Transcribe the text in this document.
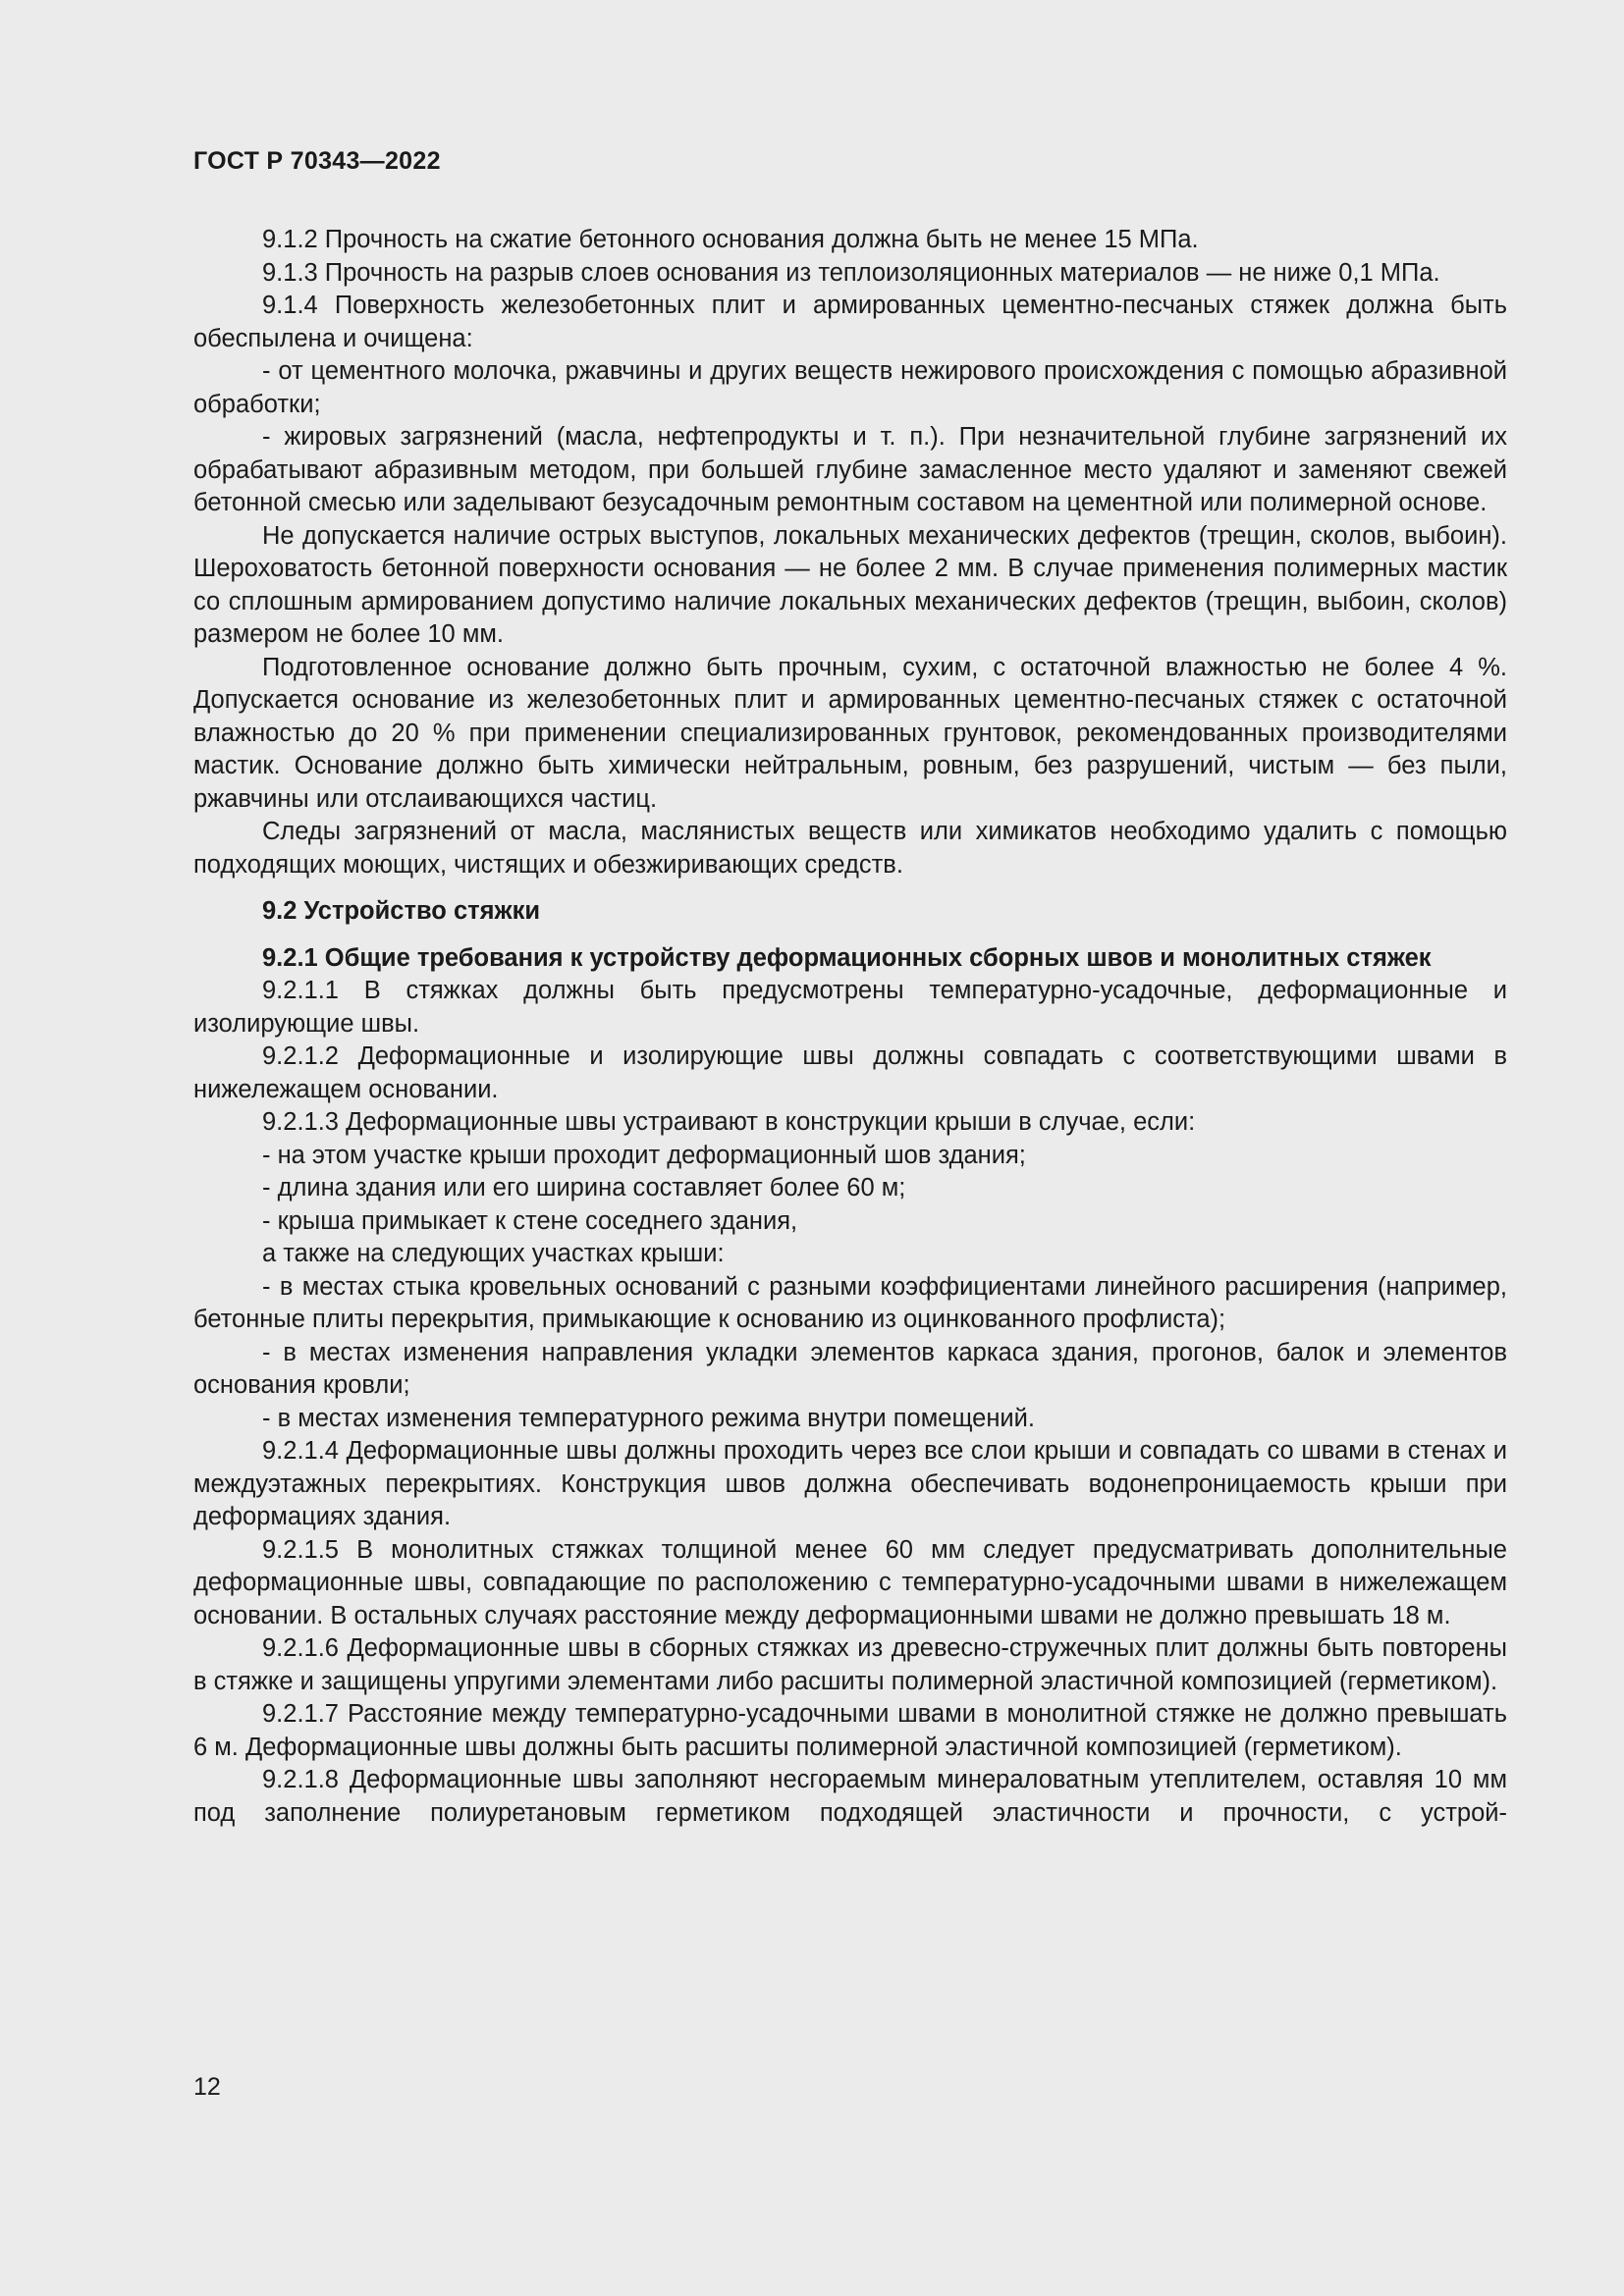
ГОСТ Р 70343—2022

9.1.2 Прочность на сжатие бетонного основания должна быть не менее 15 МПа.

9.1.3 Прочность на разрыв слоев основания из теплоизоляционных материалов — не ниже 0,1 МПа.

9.1.4 Поверхность железобетонных плит и армированных цементно-песчаных стяжек должна быть обеспылена и очищена:

- от цементного молочка, ржавчины и других веществ нежирового происхождения с помощью абразивной обработки;

- жировых загрязнений (масла, нефтепродукты и т. п.). При незначительной глубине загрязнений их обрабатывают абразивным методом, при большей глубине замасленное место удаляют и заменяют свежей бетонной смесью или заделывают безусадочным ремонтным составом на цементной или полимерной основе.

Не допускается наличие острых выступов, локальных механических дефектов (трещин, сколов, выбоин). Шероховатость бетонной поверхности основания — не более 2 мм. В случае применения полимерных мастик со сплошным армированием допустимо наличие локальных механических дефектов (трещин, выбоин, сколов) размером не более 10 мм.

Подготовленное основание должно быть прочным, сухим, с остаточной влажностью не более 4 %. Допускается основание из железобетонных плит и армированных цементно-песчаных стяжек с остаточной влажностью до 20 % при применении специализированных грунтовок, рекомендованных производителями мастик. Основание должно быть химически нейтральным, ровным, без разрушений, чистым — без пыли, ржавчины или отслаивающихся частиц.

Следы загрязнений от масла, маслянистых веществ или химикатов необходимо удалить с помощью подходящих моющих, чистящих и обезжиривающих средств.

9.2 Устройство стяжки

9.2.1 Общие требования к устройству деформационных сборных швов и монолитных стяжек

9.2.1.1 В стяжках должны быть предусмотрены температурно-усадочные, деформационные и изолирующие швы.

9.2.1.2 Деформационные и изолирующие швы должны совпадать с соответствующими швами в нижележащем основании.

9.2.1.3 Деформационные швы устраивают в конструкции крыши в случае, если:

- на этом участке крыши проходит деформационный шов здания;

- длина здания или его ширина составляет более 60 м;

- крыша примыкает к стене соседнего здания,

а также на следующих участках крыши:

- в местах стыка кровельных оснований с разными коэффициентами линейного расширения (например, бетонные плиты перекрытия, примыкающие к основанию из оцинкованного профлиста);

- в местах изменения направления укладки элементов каркаса здания, прогонов, балок и элементов основания кровли;

- в местах изменения температурного режима внутри помещений.

9.2.1.4 Деформационные швы должны проходить через все слои крыши и совпадать со швами в стенах и междуэтажных перекрытиях. Конструкция швов должна обеспечивать водонепроницаемость крыши при деформациях здания.

9.2.1.5 В монолитных стяжках толщиной менее 60 мм следует предусматривать дополнительные деформационные швы, совпадающие по расположению с температурно-усадочными швами в нижележащем основании. В остальных случаях расстояние между деформационными швами не должно превышать 18 м.

9.2.1.6 Деформационные швы в сборных стяжках из древесно-стружечных плит должны быть повторены в стяжке и защищены упругими элементами либо расшиты полимерной эластичной композицией (герметиком).

9.2.1.7 Расстояние между температурно-усадочными швами в монолитной стяжке не должно превышать 6 м. Деформационные швы должны быть расшиты полимерной эластичной композицией (герметиком).

9.2.1.8 Деформационные швы заполняют несгораемым минераловатным утеплителем, оставляя 10 мм под заполнение полиуретановым герметиком подходящей эластичности и прочности, с устрой-

12
